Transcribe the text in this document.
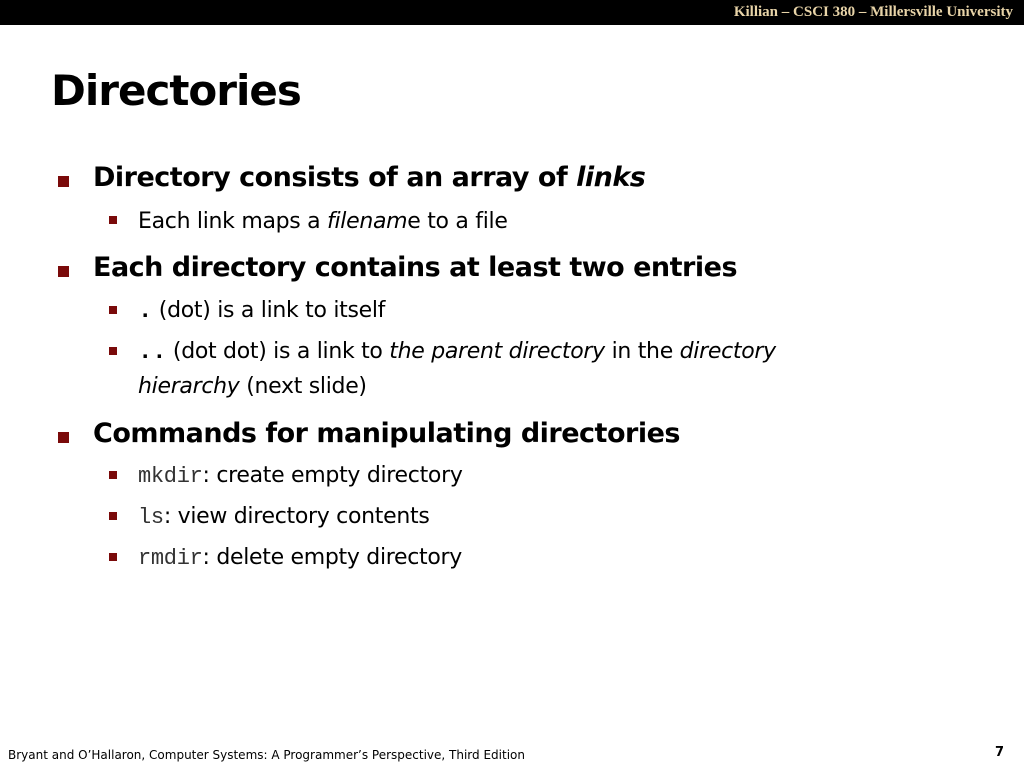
Killian – CSCI 380 – Millersville University
Directories
Directory consists of an array of links
Each link maps a filename to a file
Each directory contains at least two entries
. (dot) is a link to itself
.. (dot dot) is a link to the parent directory in the directory
hierarchy (next slide)
Commands for manipulating directories
mkdir: create empty directory
ls: view directory contents
rmdir: delete empty directory
Bryant and O’Hallaron, Computer Systems: A Programmer’s Perspective, Third Edition	7
